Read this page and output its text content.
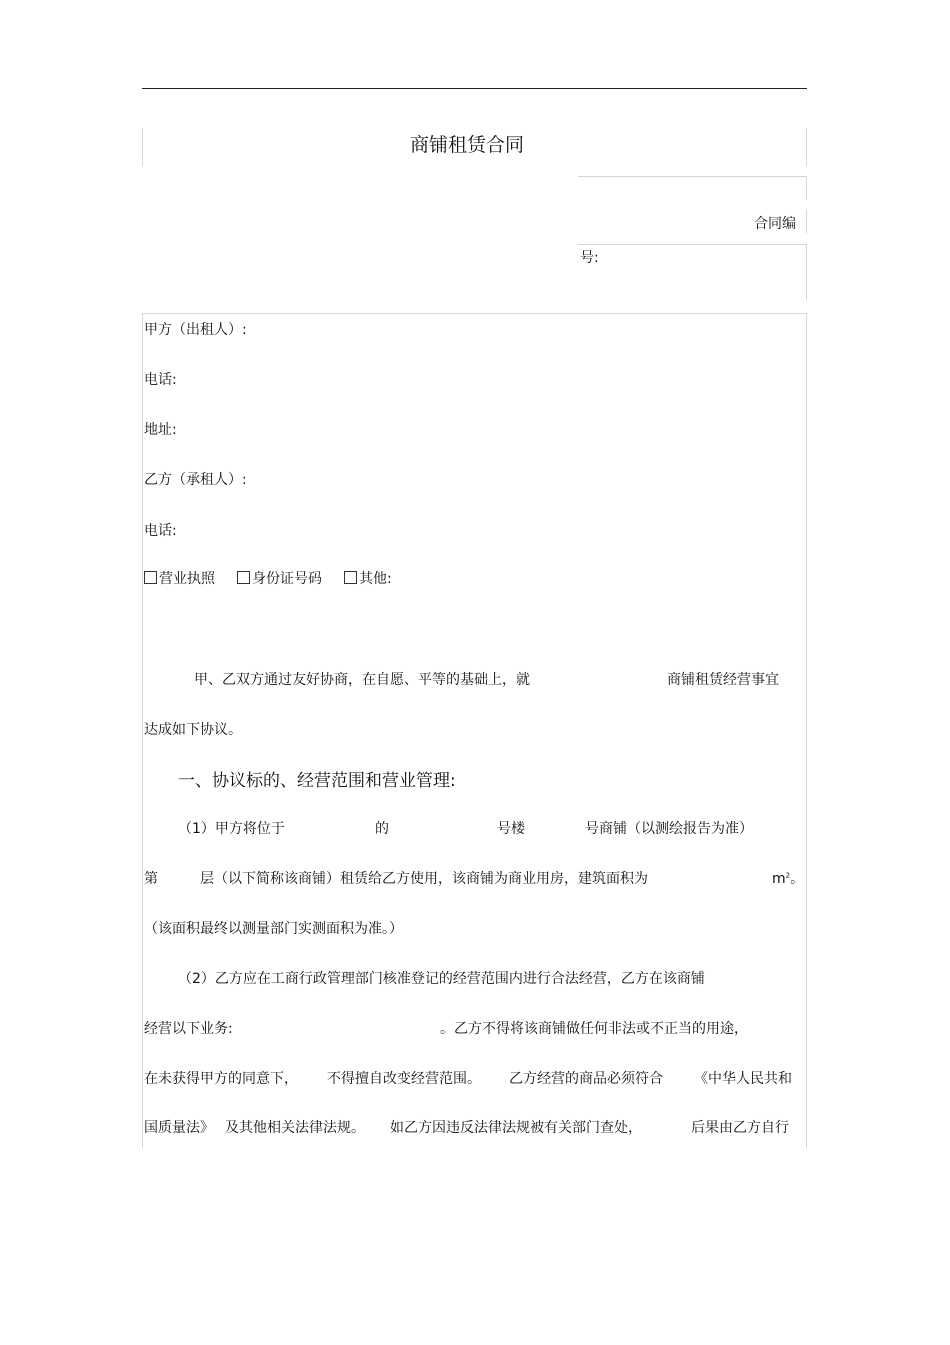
商铺租赁合同
合同编
号:
甲方（出租人）:
电话:
地址:
乙方（承租人）:
电话:
营业执照	身份证号码	其他:
甲、乙双方通过友好协商，在自愿、平等的基础上，就	商铺租赁经营事宜
达成如下协议。
一、协议标的、经营范围和营业管理:
（1）甲方将位于	的	号楼	号商铺（以测绘报告为准）
第	层（以下简称该商铺）租赁给乙方使用，该商铺为商业用房，建筑面积为	$m^2$。
（该面积最终以测量部门实测面积为准。）
（2）乙方应在工商行政管理部门核准登记的经营范围内进行合法经营，乙方在该商铺
经营以下业务:	。乙方不得将该商铺做任何非法或不正当的用途，
在未获得甲方的同意下， 不得擅自改变经营范围。 乙方经营的商品必须符合 《中华人民共和
国质量法》 及其他相关法律法规。 如乙方因违反法律法规被有关部门查处，	后果由乙方自行
